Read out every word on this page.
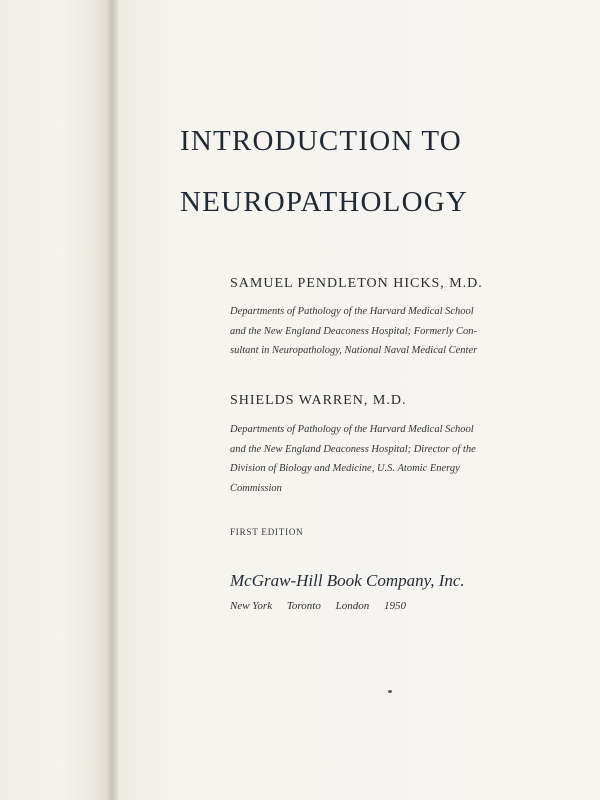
INTRODUCTION TO
NEUROPATHOLOGY

SAMUEL PENDLETON HICKS, M.D.

Departments of Pathology of the Harvard Medical School
and the New England Deaconess Hospital; Formerly Con-
sultant in Neuropathology, National Naval Medical Center

SHIELDS WARREN, M.D.

Departments of Pathology of the Harvard Medical School
and the New England Deaconess Hospital; Director of the
Division of Biology and Medicine, U.S. Atomic Energy
Commission

FIRST EDITION

McGraw-Hill Book Company, Inc.

New York Toronto London 1950
